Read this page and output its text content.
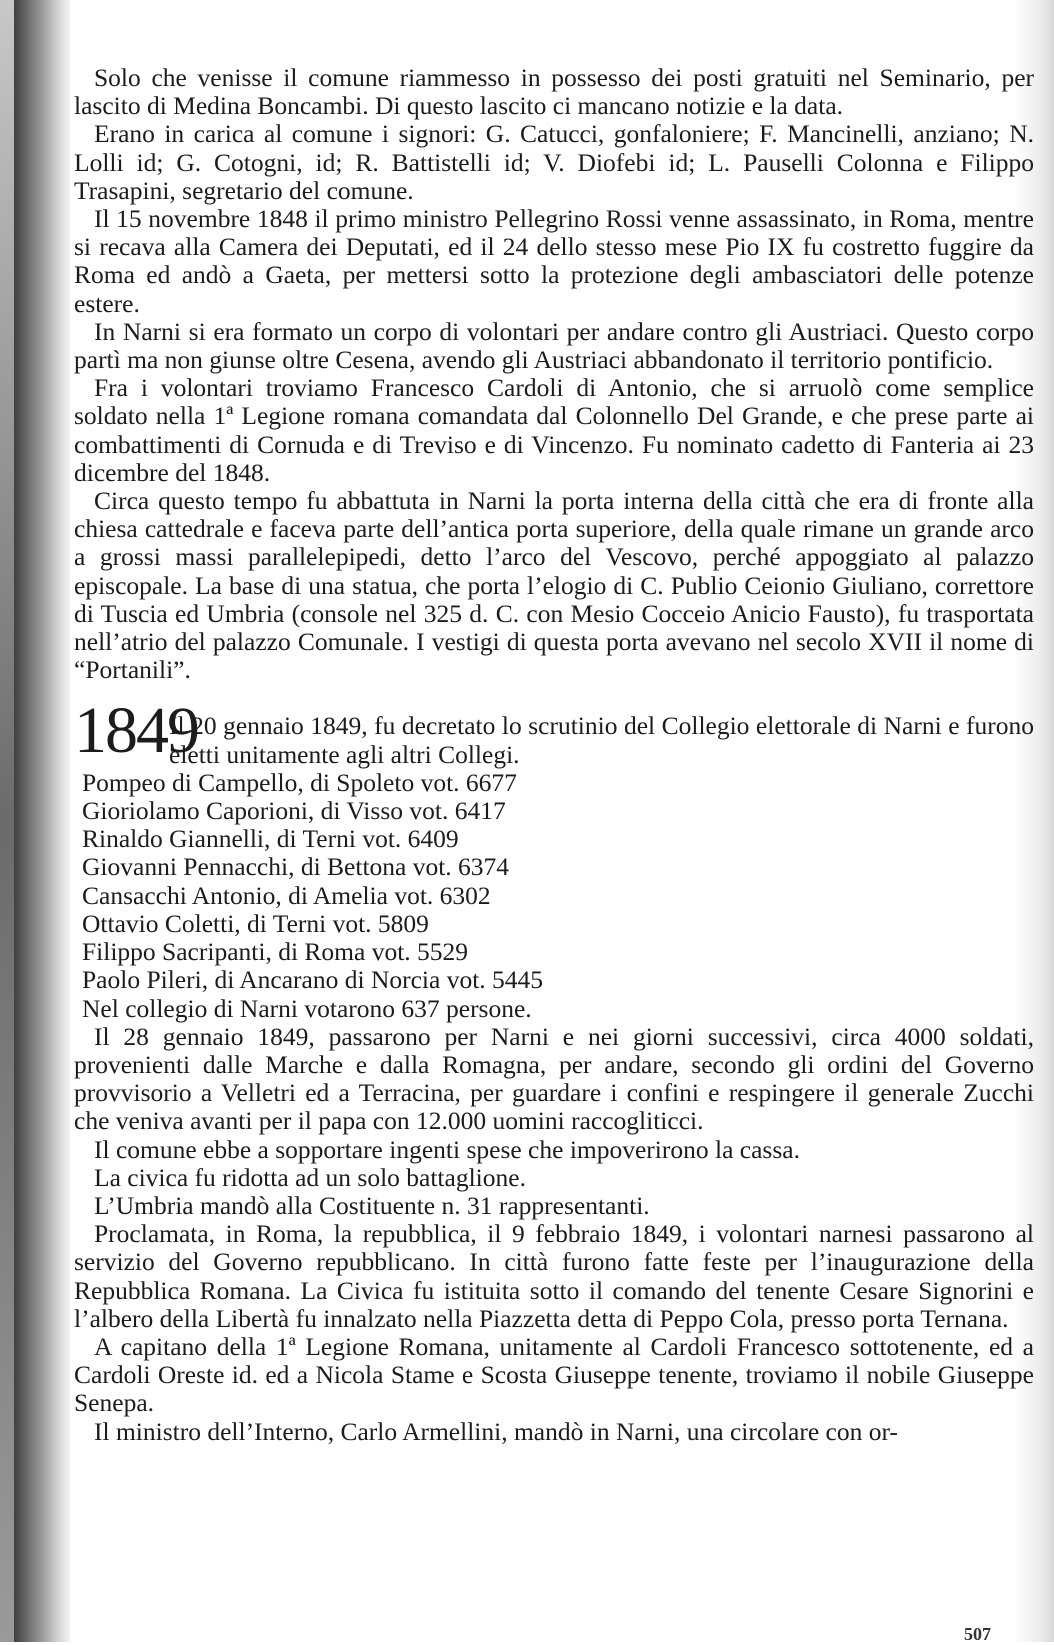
Solo che venisse il comune riammesso in possesso dei posti gratuiti nel Seminario, per lascito di Medina Boncambi. Di questo lascito ci mancano notizie e la data.

Erano in carica al comune i signori: G. Catucci, gonfaloniere; F. Mancinelli, anziano; N. Lolli id; G. Cotogni, id; R. Battistelli id; V. Diofebi id; L. Pauselli Colonna e Filippo Trasapini, segretario del comune.

Il 15 novembre 1848 il primo ministro Pellegrino Rossi venne assassinato, in Roma, mentre si recava alla Camera dei Deputati, ed il 24 dello stesso mese Pio IX fu costretto fuggire da Roma ed andò a Gaeta, per mettersi sotto la protezione degli ambasciatori delle potenze estere.

In Narni si era formato un corpo di volontari per andare contro gli Austriaci. Questo corpo partì ma non giunse oltre Cesena, avendo gli Austriaci abbandonato il territorio pontificio.

Fra i volontari troviamo Francesco Cardoli di Antonio, che si arruolò come semplice soldato nella 1ª Legione romana comandata dal Colonnello Del Grande, e che prese parte ai combattimenti di Cornuda e di Treviso e di Vincenzo. Fu nominato cadetto di Fanteria ai 23 dicembre del 1848.

Circa questo tempo fu abbattuta in Narni la porta interna della città che era di fronte alla chiesa cattedrale e faceva parte dell’antica porta superiore, della quale rimane un grande arco a grossi massi parallelepipedi, detto l’arco del Vescovo, perché appoggiato al palazzo episcopale. La base di una statua, che porta l’elogio di C. Publio Ceionio Giuliano, correttore di Tuscia ed Umbria (console nel 325 d. C. con Mesio Cocceio Anicio Fausto), fu trasportata nell’atrio del palazzo Comunale. I vestigi di questa porta avevano nel secolo XVII il nome di “Portanili”.

1849

Il 20 gennaio 1849, fu decretato lo scrutinio del Collegio elettorale di Narni e furono eletti unitamente agli altri Collegi.

Pompeo di Campello, di Spoleto vot. 6677
Gioriolamo Caporioni, di Visso vot. 6417
Rinaldo Giannelli, di Terni vot. 6409
Giovanni Pennacchi, di Bettona vot. 6374
Cansacchi Antonio, di Amelia vot. 6302
Ottavio Coletti, di Terni vot. 5809
Filippo Sacripanti, di Roma vot. 5529
Paolo Pileri, di Ancarano di Norcia vot. 5445
Nel collegio di Narni votarono 637 persone.

Il 28 gennaio 1849, passarono per Narni e nei giorni successivi, circa 4000 soldati, provenienti dalle Marche e dalla Romagna, per andare, secondo gli ordini del Governo provvisorio a Velletri ed a Terracina, per guardare i confini e respingere il generale Zucchi che veniva avanti per il papa con 12.000 uomini raccogliticci.

Il comune ebbe a sopportare ingenti spese che impoverirono la cassa.

La civica fu ridotta ad un solo battaglione.

L’Umbria mandò alla Costituente n. 31 rappresentanti.

Proclamata, in Roma, la repubblica, il 9 febbraio 1849, i volontari narnesi passarono al servizio del Governo repubblicano. In città furono fatte feste per l’inaugurazione della Repubblica Romana. La Civica fu istituita sotto il comando del tenente Cesare Signorini e l’albero della Libertà fu innalzato nella Piazzetta detta di Peppo Cola, presso porta Ternana.

A capitano della 1ª Legione Romana, unitamente al Cardoli Francesco sottotenente, ed a Cardoli Oreste id. ed a Nicola Stame e Scosta Giuseppe tenente, troviamo il nobile Giuseppe Senepa.

Il ministro dell’Interno, Carlo Armellini, mandò in Narni, una circolare con or-

507
